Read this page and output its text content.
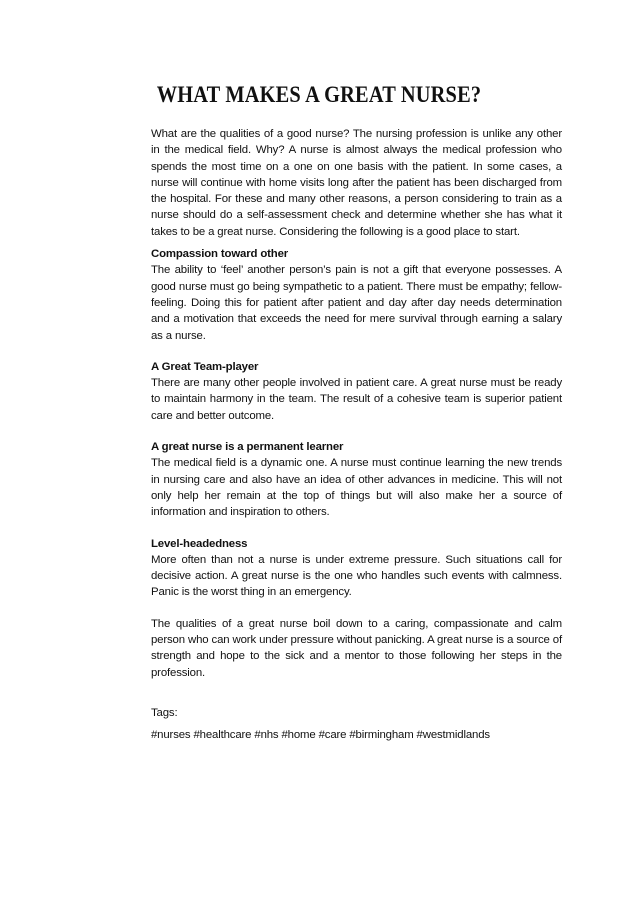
WHAT MAKES A GREAT NURSE?

What are the qualities of a good nurse? The nursing profession is unlike any other in the medical field. Why? A nurse is almost always the medical profession who spends the most time on a one on one basis with the patient. In some cases, a nurse will continue with home visits long after the patient has been discharged from the hospital. For these and many other reasons, a person considering to train as a nurse should do a self-assessment check and determine whether she has what it takes to be a great nurse. Considering the following is a good place to start.

Compassion toward other

The ability to ‘feel’ another person’s pain is not a gift that everyone possesses. A good nurse must go being sympathetic to a patient. There must be empathy; fellow-feeling. Doing this for patient after patient and day after day needs determination and a motivation that exceeds the need for mere survival through earning a salary as a nurse.

A Great Team-player

There are many other people involved in patient care. A great nurse must be ready to maintain harmony in the team. The result of a cohesive team is superior patient care and better outcome.

A great nurse is a permanent learner

The medical field is a dynamic one. A nurse must continue learning the new trends in nursing care and also have an idea of other advances in medicine. This will not only help her remain at the top of things but will also make her a source of information and inspiration to others.

Level-headedness

More often than not a nurse is under extreme pressure. Such situations call for decisive action. A great nurse is the one who handles such events with calmness. Panic is the worst thing in an emergency.

The qualities of a great nurse boil down to a caring, compassionate and calm person who can work under pressure without panicking. A great nurse is a source of strength and hope to the sick and a mentor to those following her steps in the profession.

Tags:

#nurses #healthcare #nhs #home #care #birmingham #westmidlands
